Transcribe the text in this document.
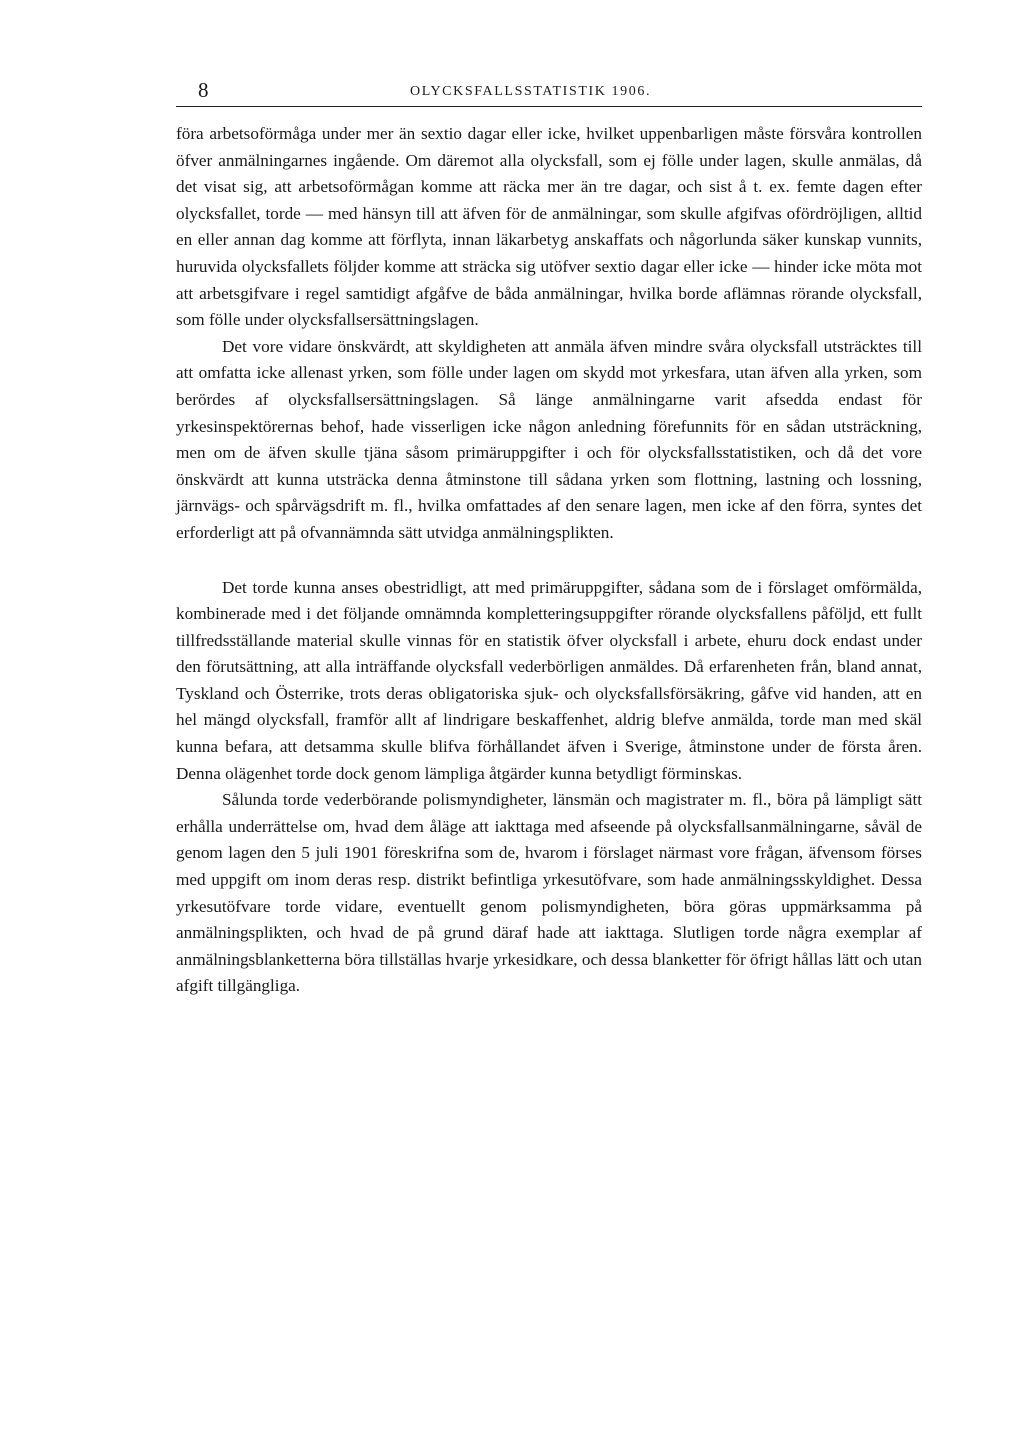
8	OLYCKSFALLSSTATISTIK 1906.

föra arbetsoförmåga under mer än sextio dagar eller icke, hvilket uppenbarligen måste försvåra kontrollen öfver anmälningarnes ingående. Om däremot alla olycksfall, som ej fölle under lagen, skulle anmälas, då det visat sig, att arbetsoförmågan komme att räcka mer än tre dagar, och sist å t. ex. femte dagen efter olycksfallet, torde — med hänsyn till att äfven för de anmälningar, som skulle afgifvas ofördröjligen, alltid en eller annan dag komme att förflyta, innan läkarbetyg anskaffats och någorlunda säker kunskap vunnits, huruvida olycksfallets följder komme att sträcka sig utöfver sextio dagar eller icke — hinder icke möta mot att arbetsgifvare i regel samtidigt afgåfve de båda anmälningar, hvilka borde aflämnas rörande olycksfall, som fölle under olycksfallsersättningslagen.

Det vore vidare önskvärdt, att skyldigheten att anmäla äfven mindre svåra olycksfall utsträcktes till att omfatta icke allenast yrken, som fölle under lagen om skydd mot yrkesfara, utan äfven alla yrken, som berördes af olycksfallsersättningslagen. Så länge anmälningarne varit afsedda endast för yrkesinspektörernas behof, hade visserligen icke någon anledning förefunnits för en sådan utsträckning, men om de äfven skulle tjäna såsom primäruppgifter i och för olycksfallsstatistiken, och då det vore önskvärdt att kunna utsträcka denna åtminstone till sådana yrken som flottning, lastning och lossning, järnvägs- och spårvägsdrift m. fl., hvilka omfattades af den senare lagen, men icke af den förra, syntes det erforderligt att på ofvannämnda sätt utvidga anmälningsplikten.

Det torde kunna anses obestridligt, att med primäruppgifter, sådana som de i förslaget omförmälda, kombinerade med i det följande omnämnda kompletteringsuppgifter rörande olycksfallens påföljd, ett fullt tillfredsställande material skulle vinnas för en statistik öfver olycksfall i arbete, ehuru dock endast under den förutsättning, att alla inträffande olycksfall vederbörligen anmäldes. Då erfarenheten från, bland annat, Tyskland och Österrike, trots deras obligatoriska sjuk- och olycksfallsförsäkring, gåfve vid handen, att en hel mängd olycksfall, framför allt af lindrigare beskaffenhet, aldrig blefve anmälda, torde man med skäl kunna befara, att detsamma skulle blifva förhållandet äfven i Sverige, åtminstone under de första åren. Denna olägenhet torde dock genom lämpliga åtgärder kunna betydligt förminskas.

Sålunda torde vederbörande polismyndigheter, länsmän och magistrater m. fl., böra på lämpligt sätt erhålla underrättelse om, hvad dem åläge att iakttaga med afseende på olycksfallsanmälningarne, såväl de genom lagen den 5 juli 1901 föreskrifna som de, hvarom i förslaget närmast vore frågan, äfvensom förses med uppgift om inom deras resp. distrikt befintliga yrkesutöfvare, som hade anmälningsskyldighet. Dessa yrkesutöfvare torde vidare, eventuellt genom polismyndigheten, böra göras uppmärksamma på anmälningsplikten, och hvad de på grund däraf hade att iakttaga. Slutligen torde några exemplar af anmälningsblanketterna böra tillställas hvarje yrkesidkare, och dessa blanketter för öfrigt hållas lätt och utan afgift tillgängliga.
